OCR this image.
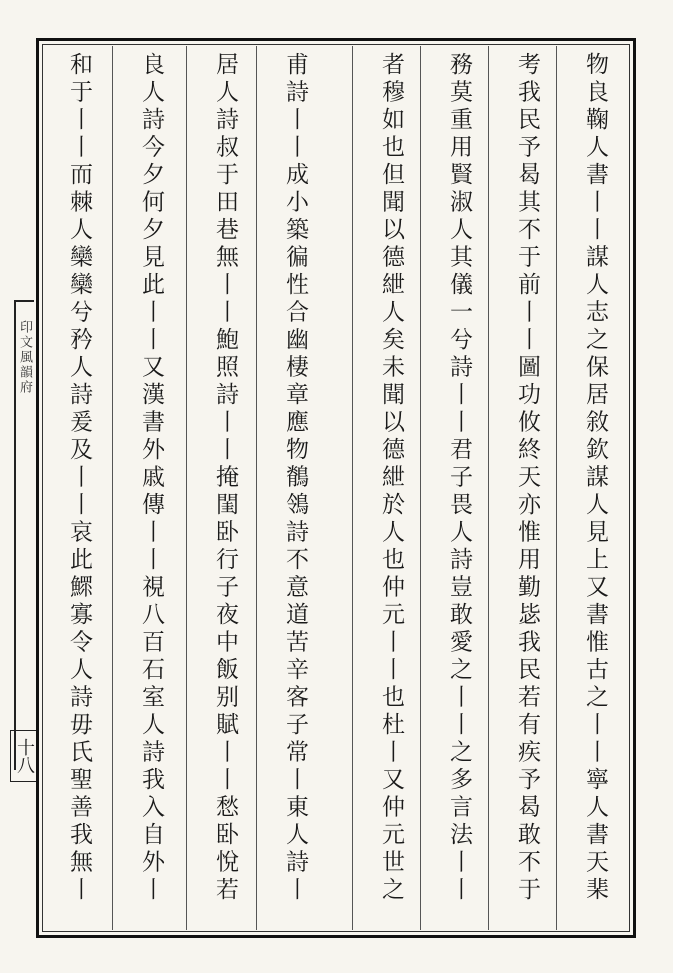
印文風韻府
十八
物良鞠人書丨丨謀人志之保居敘欽謀人見上又書惟古之丨丨寧人書天棐
考我民予曷其不于前丨丨圖功攸終天亦惟用勤毖我民若有疾予曷敢不于
務莫重用賢淑人其儀一兮詩丨丨君子畏人詩豈敢愛之丨丨之多言法丨丨
者穆如也但聞以德紲人矣未聞以德紲於人也仲元丨丨也杜丨又仲元世之
甫詩丨丨成小築徧性合幽棲章應物鶺鴒詩不意道苦辛客子常丨東人詩丨
居人詩叔于田巷無丨丨鮑照詩丨丨掩閨卧行子夜中飯别賦丨丨愁卧悅若
良人詩今夕何夕見此丨丨又漢書外戚傳丨丨視八百石室人詩我入自外丨
和于丨丨而棘人欒欒兮矜人詩爰及丨丨哀此鰥寡令人詩毋氏聖善我無丨
